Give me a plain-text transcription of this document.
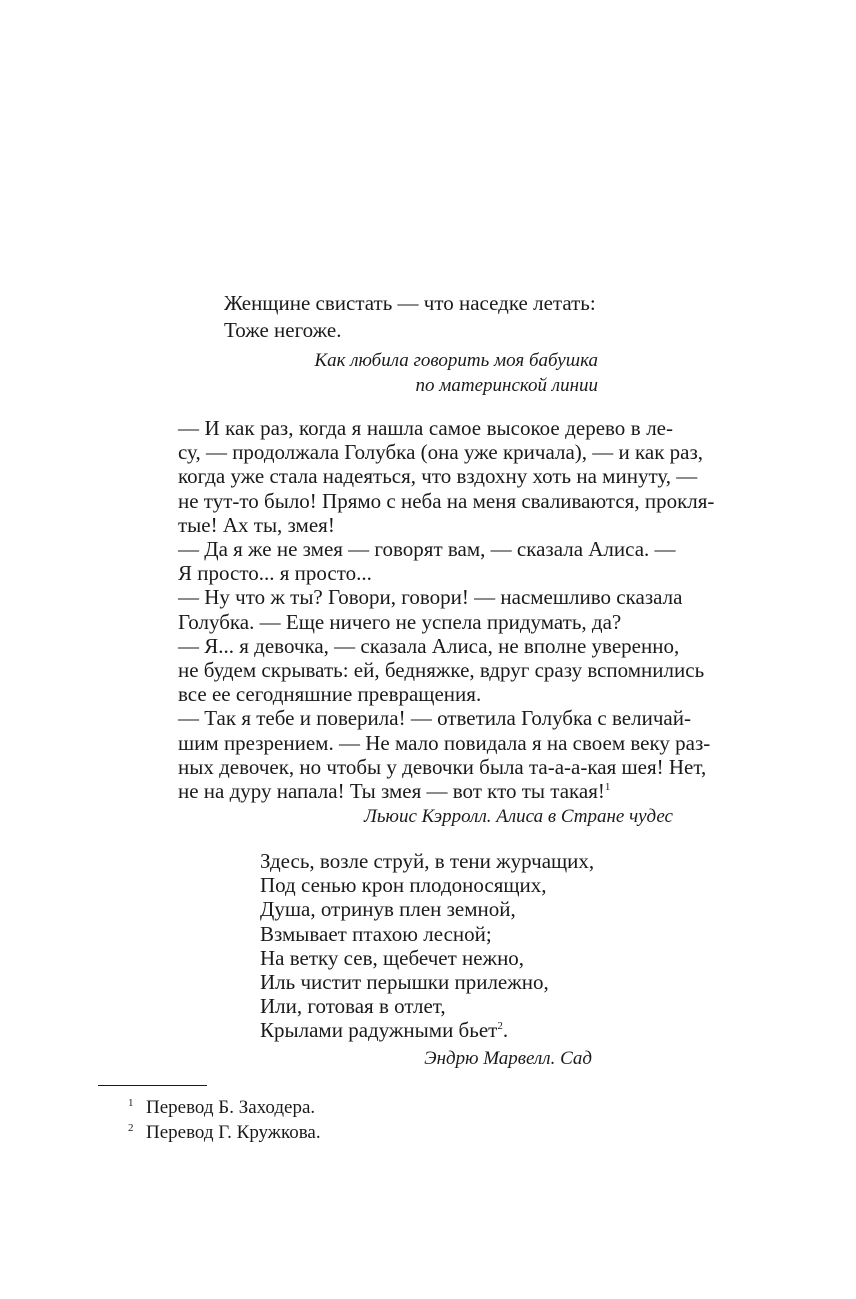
Женщине свистать — что наседке летать:
Тоже негоже.
Как любила говорить моя бабушка
по материнской линии
— И как раз, когда я нашла самое высокое дерево в ле-
су, — продолжала Голубка (она уже кричала), — и как раз,
когда уже стала надеяться, что вздохну хоть на минуту, —
не тут-то было! Прямо с неба на меня сваливаются, прокля-
тые! Ах ты, змея!
— Да я же не змея — говорят вам, — сказала Алиса. —
Я просто... я просто...
— Ну что ж ты? Говори, говори! — насмешливо сказала
Голубка. — Еще ничего не успела придумать, да?
— Я... я девочка, — сказала Алиса, не вполне уверенно,
не будем скрывать: ей, бедняжке, вдруг сразу вспомнились
все ее сегодняшние превращения.
— Так я тебе и поверила! — ответила Голубка с величай-
шим презрением. — Не мало повидала я на своем веку раз-
ных девочек, но чтобы у девочки была та-а-а-кая шея! Нет,
не на дуру напала! Ты змея — вот кто ты такая!$^1$
Льюис Кэрролл. Алиса в Стране чудес
Здесь, возле струй, в тени журчащих,
Под сенью крон плодоносящих,
Душа, отринув плен земной,
Взмывает птахою лесной;
На ветку сев, щебечет нежно,
Иль чистит перышки прилежно,
Или, готовая в отлет,
Крылами радужными бьет$^2$.
Эндрю Марвелл. Сад
1 Перевод Б. Заходера.
2 Перевод Г. Кружкова.
